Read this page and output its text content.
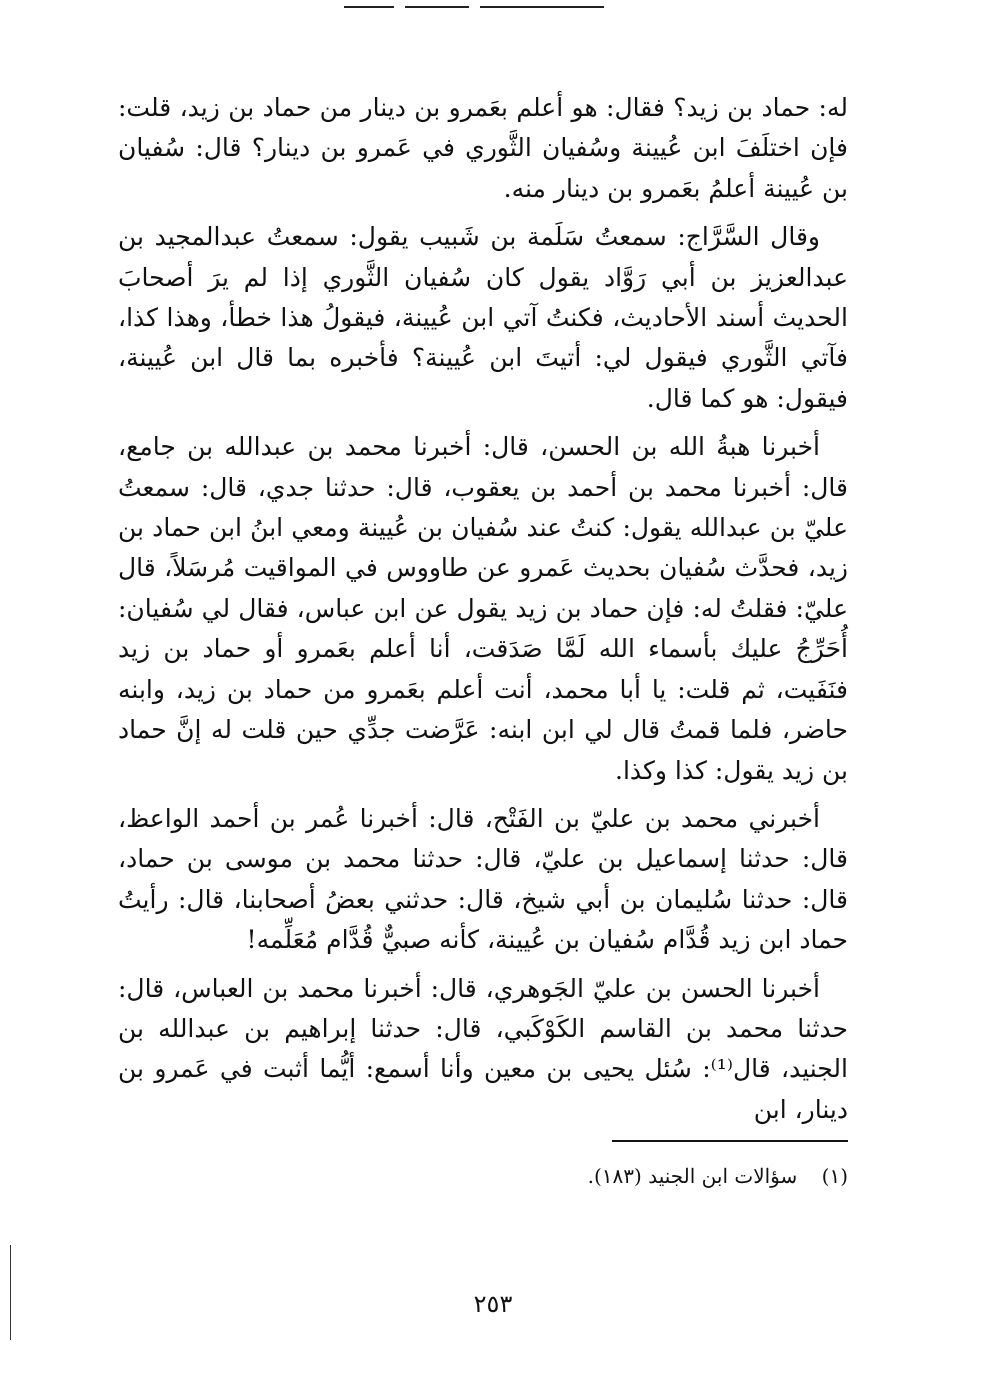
له: حماد بن زيد؟ فقال: هو أعلم بعَمرو بن دينار من حماد بن زيد، قلت: فإن اختلَفَ ابن عُيينة وسُفيان الثَّوري في عَمرو بن دينار؟ قال: سُفيان بن عُيينة أعلمُ بعَمرو بن دينار منه.

وقال السَّرَّاج: سمعتُ سَلَمة بن شَبيب يقول: سمعتُ عبدالمجيد بن عبدالعزيز بن أبي رَوَّاد يقول كان سُفيان الثَّوري إذا لم يرَ أصحابَ الحديث أسند الأحاديث، فكنتُ آتي ابن عُيينة، فيقولُ هذا خطأ، وهذا كذا، فآتي الثَّوري فيقول لي: أتيتَ ابن عُيينة؟ فأخبره بما قال ابن عُيينة، فيقول: هو كما قال.

أخبرنا هبةُ الله بن الحسن، قال: أخبرنا محمد بن عبدالله بن جامع، قال: أخبرنا محمد بن أحمد بن يعقوب، قال: حدثنا جدي، قال: سمعتُ عليّ بن عبدالله يقول: كنتُ عند سُفيان بن عُيينة ومعي ابنُ ابن حماد بن زيد، فحدَّث سُفيان بحديث عَمرو عن طاووس في المواقيت مُرسَلاً، قال عليّ: فقلتُ له: فإن حماد بن زيد يقول عن ابن عباس، فقال لي سُفيان: أُحَرِّجُ عليك بأسماء الله لَمَّا صَدَقت، أنا أعلم بعَمرو أو حماد بن زيد فنَفَيت، ثم قلت: يا أبا محمد، أنت أعلم بعَمرو من حماد بن زيد، وابنه حاضر، فلما قمتُ قال لي ابن ابنه: عَرَّضت جدِّي حين قلت له إنَّ حماد بن زيد يقول: كذا وكذا.

أخبرني محمد بن عليّ بن الفَتْح، قال: أخبرنا عُمر بن أحمد الواعظ، قال: حدثنا إسماعيل بن عليّ، قال: حدثنا محمد بن موسى بن حماد، قال: حدثنا سُليمان بن أبي شيخ، قال: حدثني بعضُ أصحابنا، قال: رأيتُ حماد ابن زيد قُدَّام سُفيان بن عُيينة، كأنه صبيٌّ قُدَّام مُعَلِّمه!

أخبرنا الحسن بن عليّ الجَوهري، قال: أخبرنا محمد بن العباس، قال: حدثنا محمد بن القاسم الكَوْكَبي، قال: حدثنا إبراهيم بن عبدالله بن الجنيد، قال⁽¹⁾: سُئل يحيى بن معين وأنا أسمع: أيُّما أثبت في عَمرو بن دينار، ابن

(١) سؤالات ابن الجنيد (١٨٣).
٢٥٣
